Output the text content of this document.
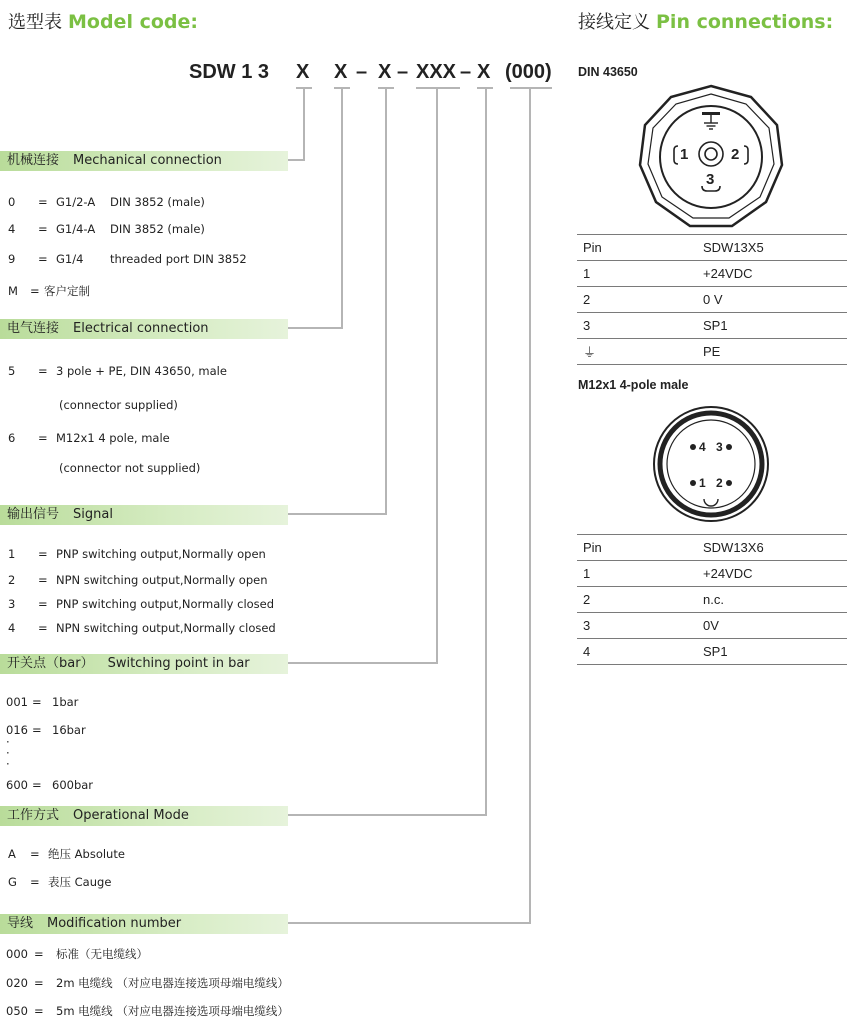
选型表 Model code:	接线定义 Pin connections:
SDW 1 3 X X – X – XXX – X (000)
机械连接 Mechanical connection
0 = G1/2-A DIN 3852 (male)
4 = G1/4-A DIN 3852 (male)
9 = G1/4 threaded port DIN 3852
M = 客户定制
电气连接 Electrical connection
5 = 3 pole + PE, DIN 43650, male
(connector supplied)
6 = M12x1 4 pole, male
(connector not supplied)
输出信号 Signal
1 = PNP switching output,Normally open
2 = NPN switching output,Normally open
3 = PNP switching output,Normally closed
4 = NPN switching output,Normally closed
开关点（bar） Switching point in bar
001 = 1bar
016 = 16bar
·
·
·
600 = 600bar
工作方式 Operational Mode
A = 绝压 Absolute
G = 表压 Cauge
导线 Modification number
000 = 标准（无电缆线）
020 = 2m 电缆线 （对应电器连接选项母端电缆线）
050 = 5m 电缆线 （对应电器连接选项母端电缆线）
DIN 43650
1	2
3
Pin	SDW13X5
1	+24VDC
2	0 V
3	SP1
⏚	PE
M12x1 4-pole male
4 3
1 2
Pin	SDW13X6
1	+24VDC
2	n.c.
3	0V
4	SP1
